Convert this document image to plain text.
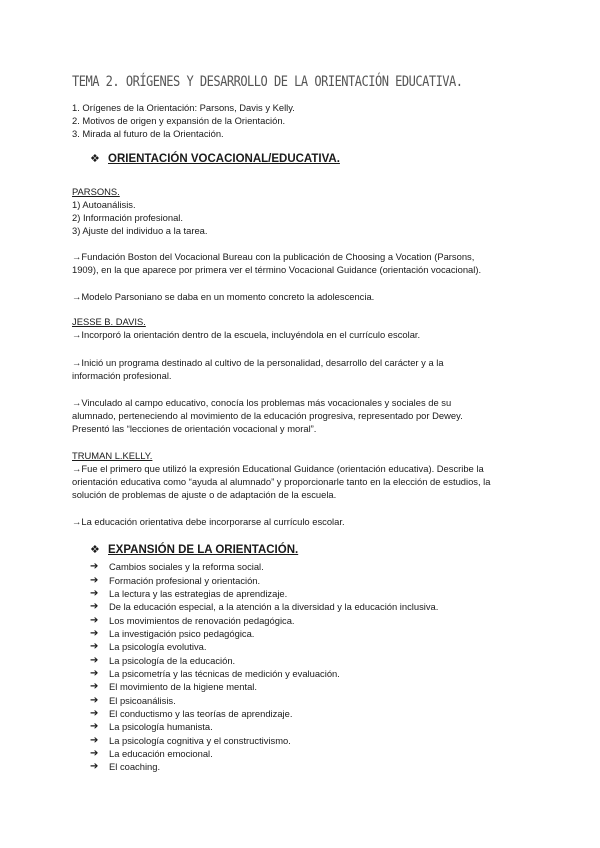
TEMA 2. ORÍGENES Y DESARROLLO DE LA ORIENTACIÓN EDUCATIVA.
1. Orígenes de la Orientación: Parsons, Davis y Kelly.
2. Motivos de origen y expansión de la Orientación.
3. Mirada al futuro de la Orientación.
❖ ORIENTACIÓN VOCACIONAL/EDUCATIVA.
PARSONS.
1) Autoanálisis.
2) Información profesional.
3) Ajuste del individuo a la tarea.
→Fundación Boston del Vocacional Bureau con la publicación de Choosing a Vocation (Parsons,
1909), en la que aparece por primera ver el término Vocacional Guidance (orientación vocacional).
→Modelo Parsoniano se daba en un momento concreto la adolescencia.
JESSE B. DAVIS.
→Incorporó la orientación dentro de la escuela, incluyéndola en el currículo escolar.
→Inició un programa destinado al cultivo de la personalidad, desarrollo del carácter y a la
información profesional.
→Vinculado al campo educativo, conocía los problemas más vocacionales y sociales de su
alumnado, perteneciendo al movimiento de la educación progresiva, representado por Dewey.
Presentó las “lecciones de orientación vocacional y moral”.
TRUMAN L.KELLY.
→Fue el primero que utilizó la expresión Educational Guidance (orientación educativa). Describe la
orientación educativa como “ayuda al alumnado” y proporcionarle tanto en la elección de estudios, la
solución de problemas de ajuste o de adaptación de la escuela.
→La educación orientativa debe incorporarse al currículo escolar.
❖ EXPANSIÓN DE LA ORIENTACIÓN.
➔	Cambios sociales y la reforma social.
➔	Formación profesional y orientación.
➔	La lectura y las estrategias de aprendizaje.
➔	De la educación especial, a la atención a la diversidad y la educación inclusiva.
➔	Los movimientos de renovación pedagógica.
➔	La investigación psico pedagógica.
➔	La psicología evolutiva.
➔	La psicología de la educación.
➔	La psicometría y las técnicas de medición y evaluación.
➔	El movimiento de la higiene mental.
➔	El psicoanálisis.
➔	El conductismo y las teorías de aprendizaje.
➔	La psicología humanista.
➔	La psicología cognitiva y el constructivismo.
➔	La educación emocional.
➔	El coaching.
